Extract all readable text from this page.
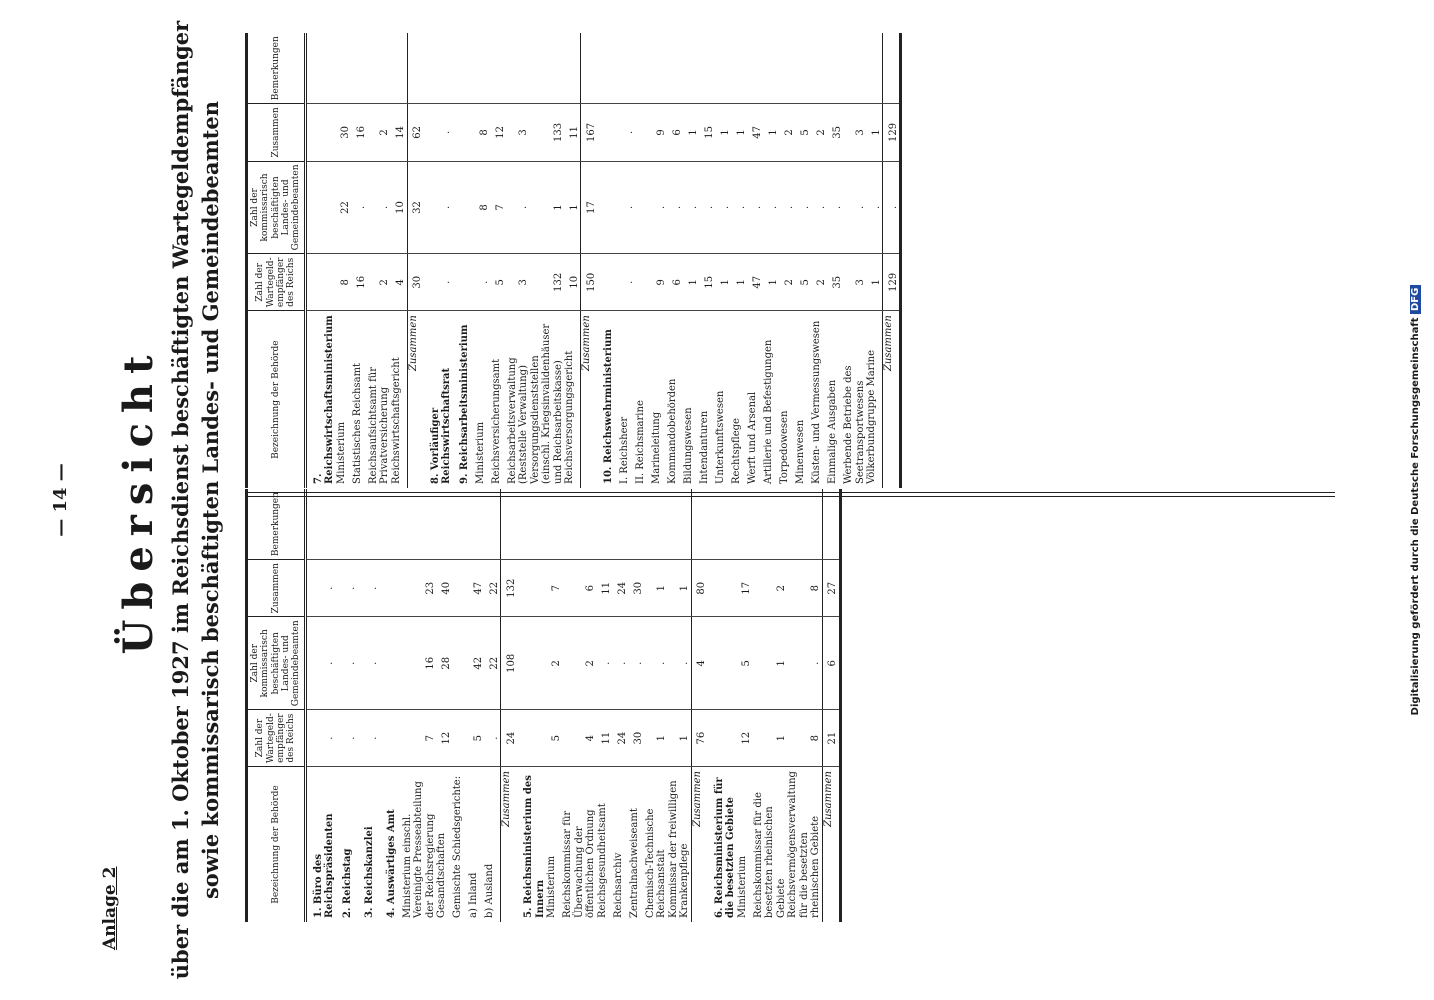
— 14 —
Anlage 2
Übersicht über die am 1. Oktober 1927 im Reichsdienst beschäftigten Wartegeldempfänger sowie kommissarisch beschäftigten Landes- und Gemeindebeamten	Bezeichnung der Behörde	Zahl der Wartegeld-empfänger des Reichs	Zahl der kommissarisch beschäftigten Landes- und Gemeindebeamten	Zusammen	Bemerkungen
1. Büro des Reichspräsidenten	.	.	.	
2. Reichstag	.	.	.	
3. Reichskanzlei	.	.	.	
4. Auswärtiges Amt				
Ministerium einschl. Vereinigte Presseabteilung der Reichsregierung	7	16	23	
Gesandtschaften	12	28	40	
Gemischte Schiedsgerichte:				
a) Inland	5	42	47	
b) Ausland	.	22	22	
Zusammen	24	108	132	
5. Reichsministerium des Innern				
Ministerium	5	2	7	
Reichskommissar für Überwachung der öffentlichen Ordnung	4	2	6	
Reichsgesundheitsamt	11	.	11	
Reichsarchiv	24	.	24	
Zentralnachweiseamt	30	.	30	
Chemisch-Technische Reichsanstalt	1	.	1	
Kommissar der freiwilligen Krankenpflege	1	.	1	
Zusammen	76	4	80	
6. Reichsministerium für die besetzten Gebiete				
Ministerium	12	5	17	
Reichskommissar für die besetzten rheinischen Gebiete	1	1	2	
Reichsvermögensverwaltung für die besetzten rheinischen Gebiete	8	.	8	
Zusammen	21	6	27	
Bezeichnung der Behörde	Zahl der Wartegeld-empfänger des Reichs	Zahl der kommissarisch beschäftigten Landes- und Gemeindebeamten	Zusammen	Bemerkungen
7. Reichswirtschaftsministerium				
Ministerium	8	22	30	
Statistisches Reichsamt	16	.	16	
Reichsaufsichtsamt für Privatversicherung	2	.	2	
Reichswirtschaftsgericht	4	10	14	
Zusammen	30	32	62	
8. Vorläufiger Reichswirtschaftsrat	.	.	.	
9. Reichsarbeitsministerium				
Ministerium	.	8	8	
Reichsversicherungsamt	5	7	12	
Reichsarbeitsverwaltung (Reststelle Verwaltung)	3	.	3	
Versorgungsdienststellen (einschl. Kriegsinvalidenhäuser und Reichsarbeitskasse)	132	1	133	
Reichsversorgungsgericht	10	1	11	
Zusammen	150	17	167	
10. Reichswehrministerium				
I. Reichsheer	.	.	.	
II. Reichsmarine				
Marineleitung	9	.	9	
Kommandobehörden	6	.	6	
Bildungswesen	1	.	1	
Intendanturen	15	.	15	
Unterkunftswesen	1	.	1	
Rechtspflege	1	.	1	
Werft und Arsenal	47	.	47	
Artillerie und Befestigungen	1	.	1	
Torpedowesen	2	.	2	
Minenwesen	5	.	5	
Küsten- und Vermessungswesen	2	.	2	
Einmalige Ausgaben	35	.	35	
Werbende Betriebe des Seetransportwesens	3	.	3	
Völkerbundgruppe Marine	1	.	1	
Zusammen	129	.	129	
Digitalisierung gefördert durch die Deutsche Forschungsgemeinschaft DFG
